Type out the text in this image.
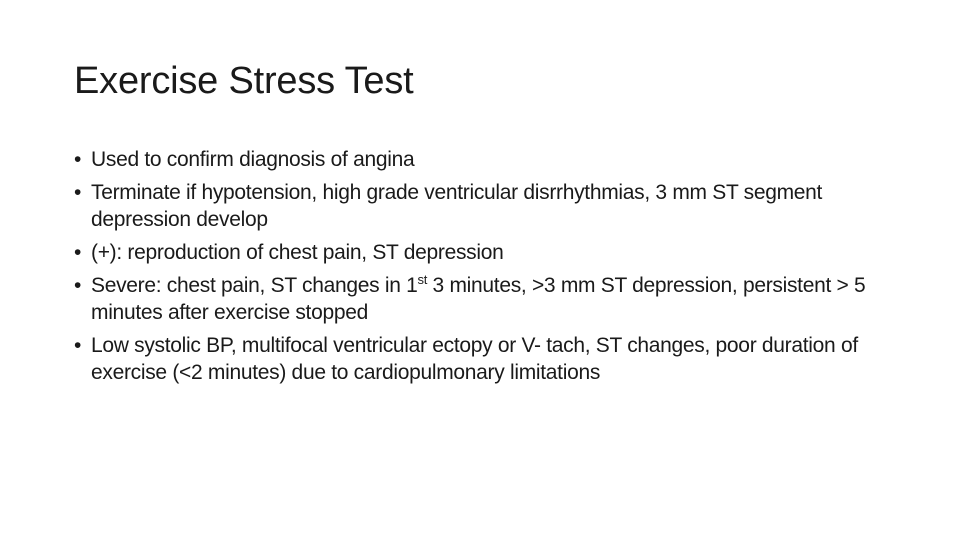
Exercise Stress Test
• Used to confirm diagnosis of angina
• Terminate if hypotension, high grade ventricular disrrhythmias, 3 mm ST segment depression develop
• (+): reproduction of chest pain, ST depression
• Severe: chest pain, ST changes in 1st 3 minutes, >3 mm ST depression, persistent > 5 minutes after exercise stopped
• Low systolic BP, multifocal ventricular ectopy or V- tach, ST changes, poor duration of exercise (<2 minutes) due to cardiopulmonary limitations
